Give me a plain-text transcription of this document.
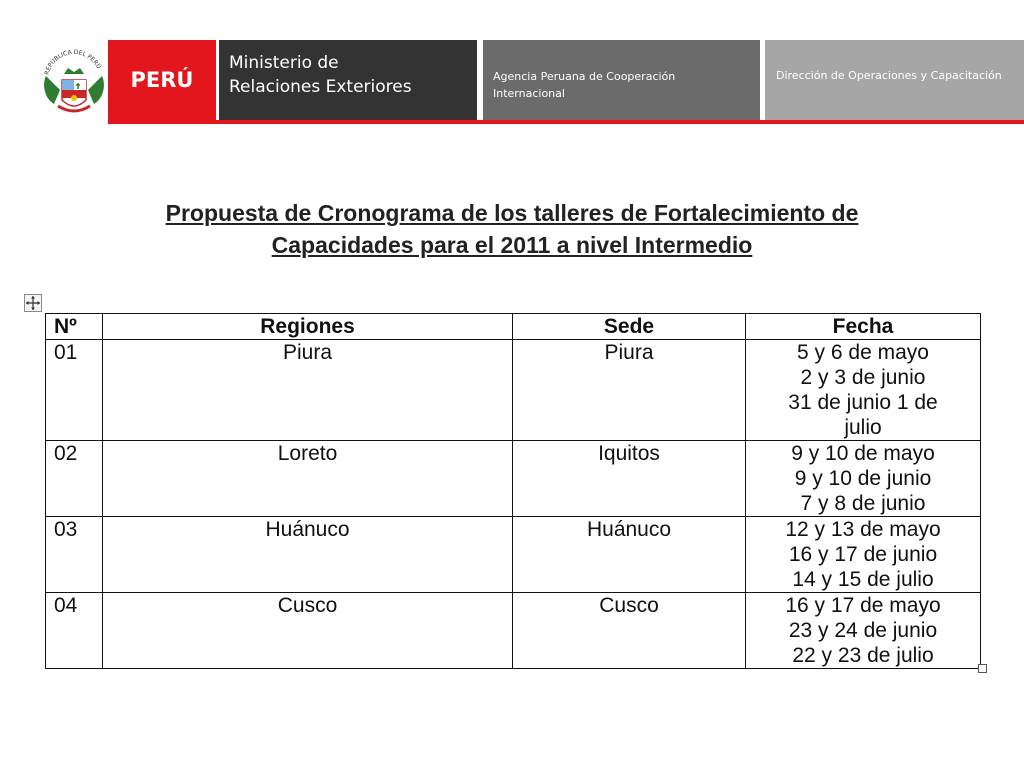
REPÚBLICA DEL PERÚ
PERÚ
Ministerio de
Relaciones Exteriores
Agencia Peruana de Cooperación
Internacional
Dirección de Operaciones y Capacitación
Propuesta de Cronograma de los talleres de Fortalecimiento de
Capacidades para el 2011 a nivel Intermedio
Nº	Regiones	Sede	Fecha
01	Piura	Piura	5 y 6 de mayo
2 y 3 de junio
31 de junio 1 de
julio

02	Loreto	Iquitos	9 y 10 de mayo
9 y 10 de junio
7 y 8 de junio

03	Huánuco	Huánuco	12 y 13 de mayo
16 y 17 de junio
14 y 15 de julio

04	Cusco	Cusco	16 y 17 de mayo
23 y 24 de junio
22 y 23 de julio
